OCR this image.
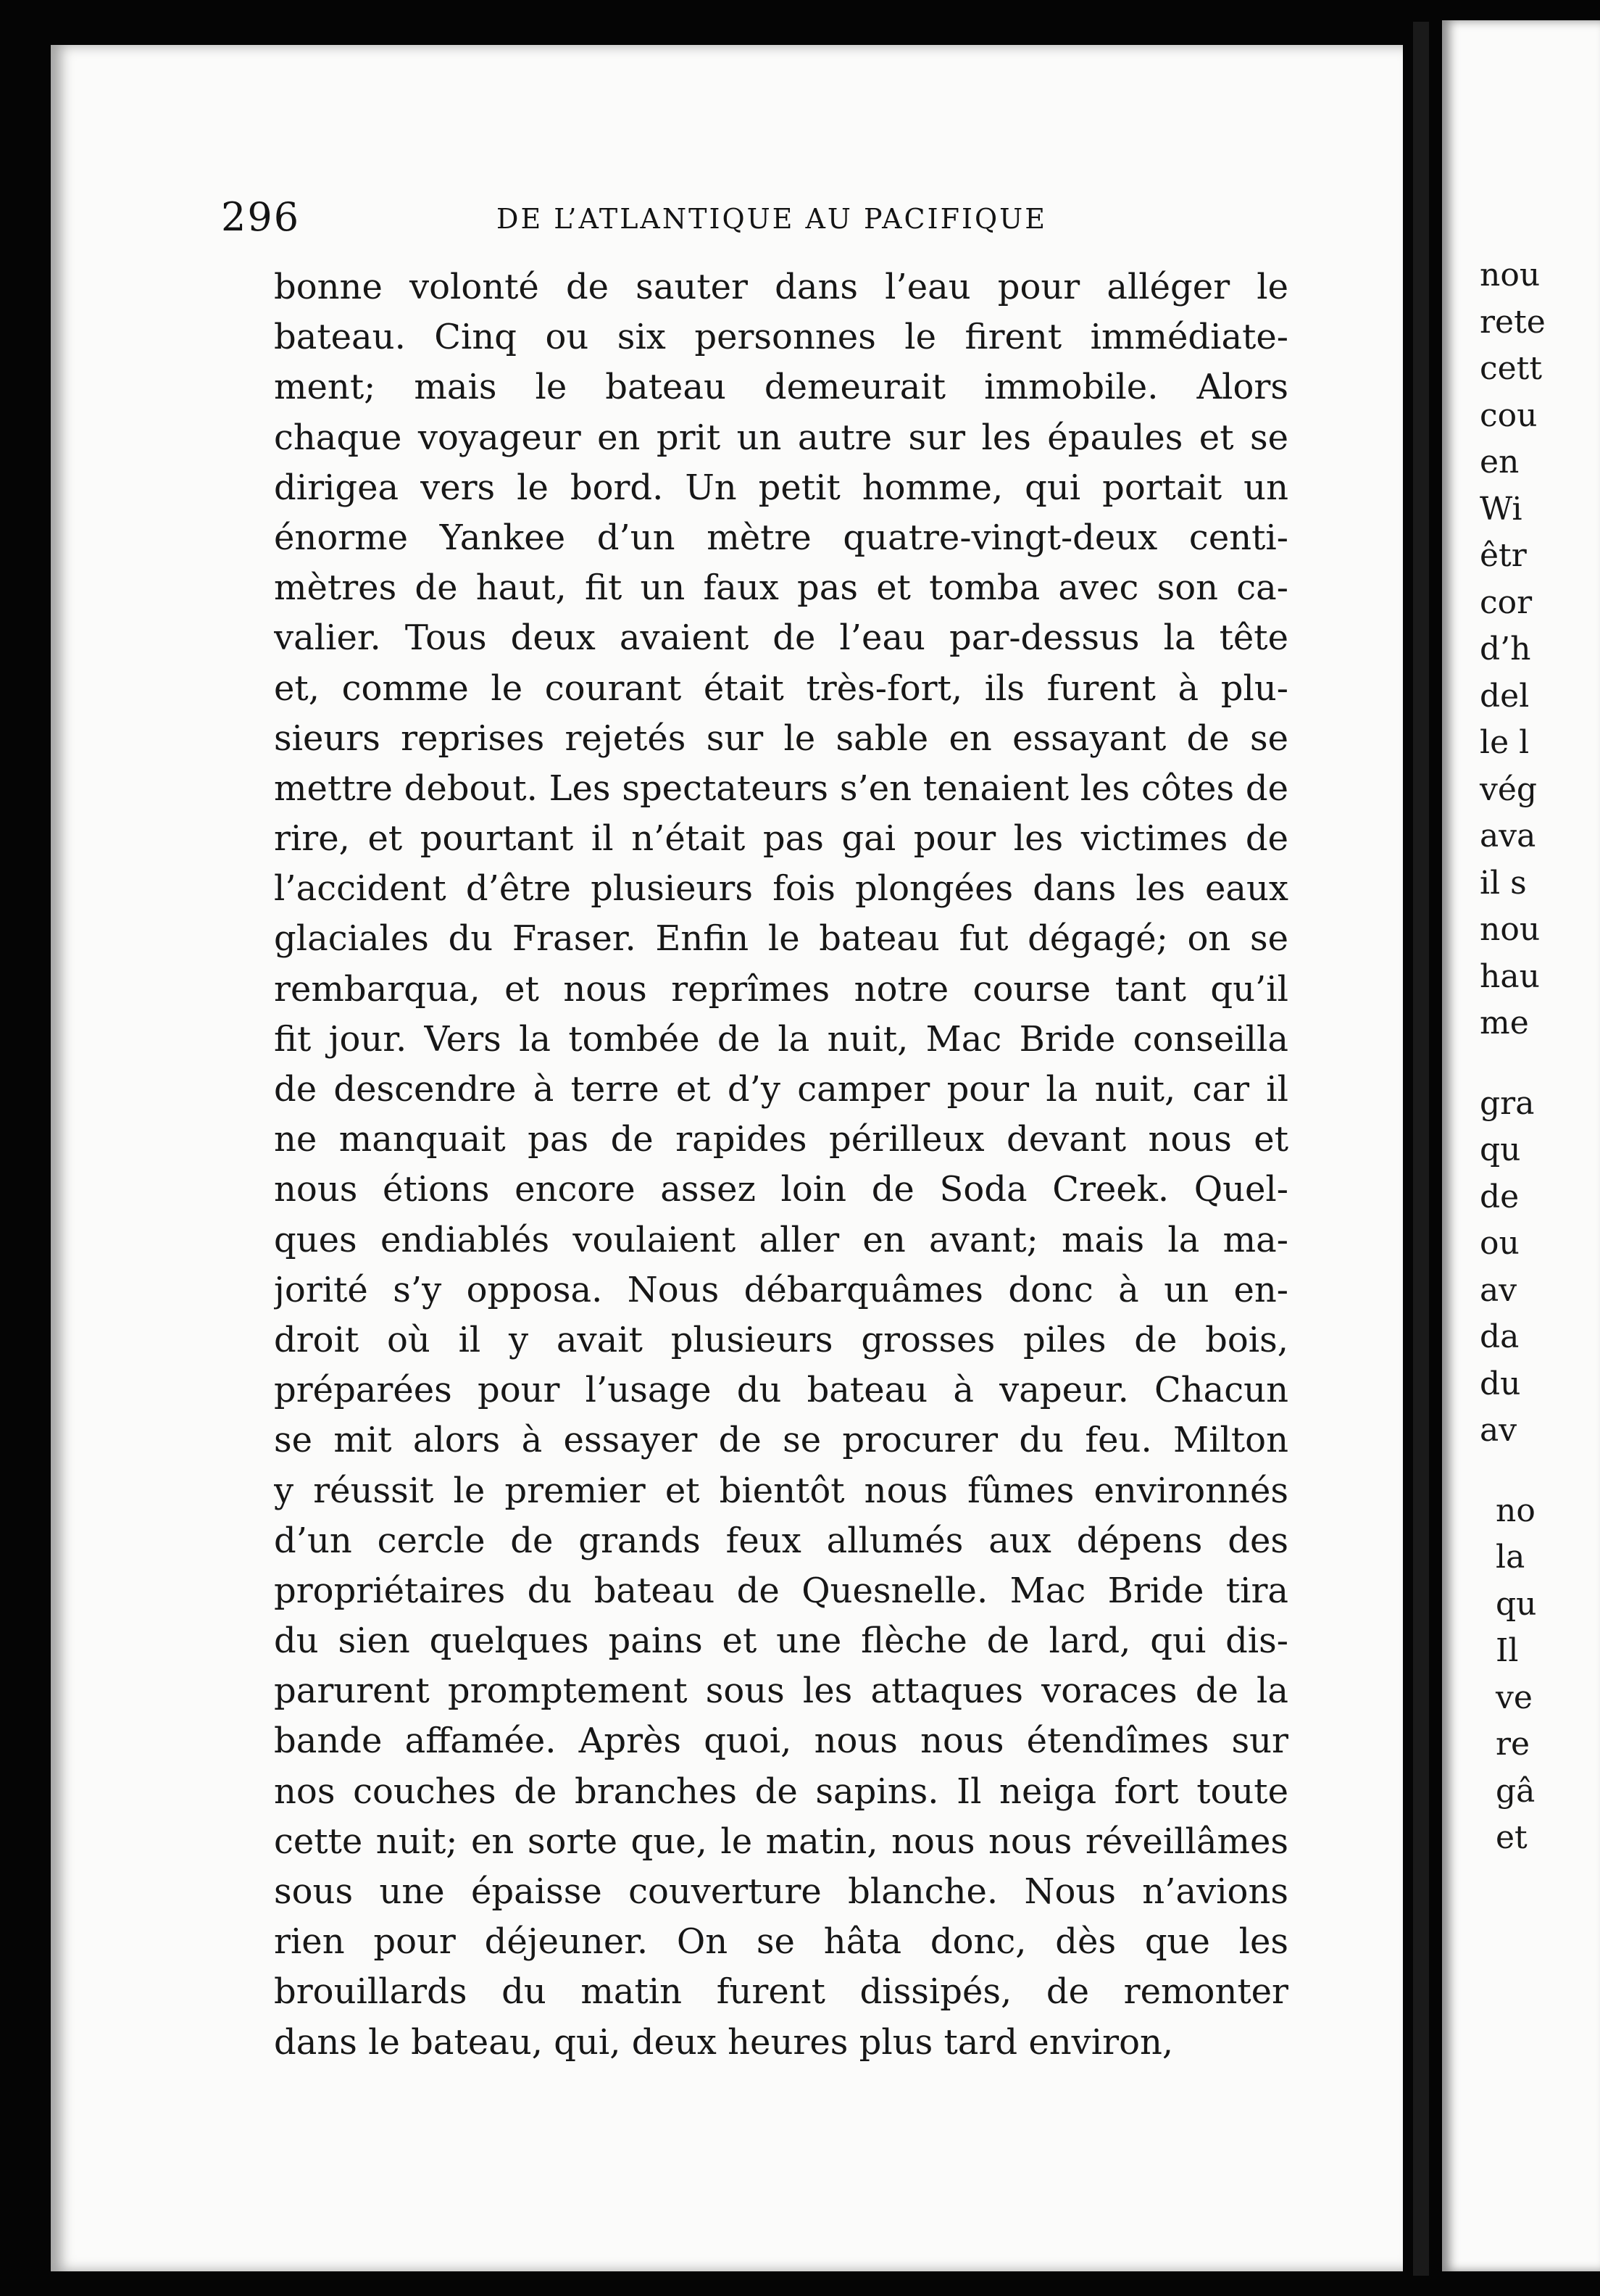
nou
rete
cett
cou
en
Wi
êtr
cor
d’h
del
le l
vég
ava
il s
nou
hau
me
gra
qu
de
ou
av
da
du
av
no
la
qu
Il
ve
re
gâ
et
296	DE L’ATLANTIQUE AU PACIFIQUE
bonne volonté de sauter dans l’eau pour alléger le
bateau. Cinq ou six personnes le firent immédiate-
ment; mais le bateau demeurait immobile. Alors
chaque voyageur en prit un autre sur les épaules et se
dirigea vers le bord. Un petit homme, qui portait un
énorme Yankee d’un mètre quatre-vingt-deux centi-
mètres de haut, fit un faux pas et tomba avec son ca-
valier. Tous deux avaient de l’eau par-dessus la tête
et, comme le courant était très-fort, ils furent à plu-
sieurs reprises rejetés sur le sable en essayant de se
mettre debout. Les spectateurs s’en tenaient les côtes de
rire, et pourtant il n’était pas gai pour les victimes de
l’accident d’être plusieurs fois plongées dans les eaux
glaciales du Fraser. Enfin le bateau fut dégagé; on se
rembarqua, et nous reprîmes notre course tant qu’il
fit jour. Vers la tombée de la nuit, Mac Bride conseilla
de descendre à terre et d’y camper pour la nuit, car il
ne manquait pas de rapides périlleux devant nous et
nous étions encore assez loin de Soda Creek. Quel-
ques endiablés voulaient aller en avant; mais la ma-
jorité s’y opposa. Nous débarquâmes donc à un en-
droit où il y avait plusieurs grosses piles de bois,
préparées pour l’usage du bateau à vapeur. Chacun
se mit alors à essayer de se procurer du feu. Milton
y réussit le premier et bientôt nous fûmes environnés
d’un cercle de grands feux allumés aux dépens des
propriétaires du bateau de Quesnelle. Mac Bride tira
du sien quelques pains et une flèche de lard, qui dis-
parurent promptement sous les attaques voraces de la
bande affamée. Après quoi, nous nous étendîmes sur
nos couches de branches de sapins. Il neiga fort toute
cette nuit; en sorte que, le matin, nous nous réveillâmes
sous une épaisse couverture blanche. Nous n’avions
rien pour déjeuner. On se hâta donc, dès que les
brouillards du matin furent dissipés, de remonter
dans le bateau, qui, deux heures plus tard environ,
